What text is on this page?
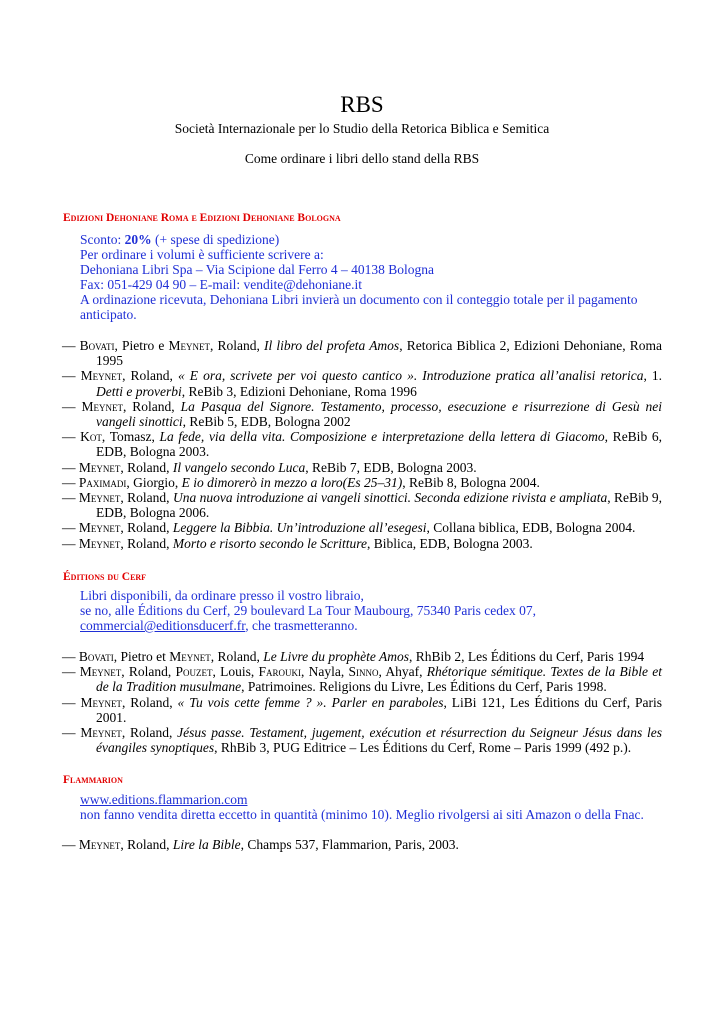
RBS
Società Internazionale per lo Studio della Retorica Biblica e Semitica
Come ordinare i libri dello stand della RBS
Edizioni Dehoniane Roma e Edizioni Dehoniane Bologna
Sconto: 20% (+ spese di spedizione)
Per ordinare i volumi è sufficiente scrivere a:
Dehoniana Libri Spa – Via Scipione dal Ferro 4 – 40138 Bologna
Fax: 051-429 04 90 – E-mail: vendite@dehoniane.it
A ordinazione ricevuta, Dehoniana Libri invierà un documento con il conteggio totale per il pagamento anticipato.
— Bovati, Pietro e Meynet, Roland, Il libro del profeta Amos, Retorica Biblica 2, Edizioni Dehoniane, Roma 1995
— Meynet, Roland, « E ora, scrivete per voi questo cantico ». Introduzione pratica all’analisi retorica, 1. Detti e proverbi, ReBib 3, Edizioni Dehoniane, Roma 1996
— Meynet, Roland, La Pasqua del Signore. Testamento, processo, esecuzione e risurrezione di Gesù nei vangeli sinottici, ReBib 5, EDB, Bologna 2002
— Kot, Tomasz, La fede, via della vita. Composizione e interpretazione della lettera di Giacomo, ReBib 6, EDB, Bologna 2003.
— Meynet, Roland, Il vangelo secondo Luca, ReBib 7, EDB, Bologna 2003.
— Paximadi, Giorgio, E io dimorerò in mezzo a loro(Es 25–31), ReBib 8, Bologna 2004.
— Meynet, Roland, Una nuova introduzione ai vangeli sinottici. Seconda edizione rivista e ampliata, ReBib 9, EDB, Bologna 2006.
— Meynet, Roland, Leggere la Bibbia. Un’introduzione all’esegesi, Collana biblica, EDB, Bologna 2004.
— Meynet, Roland, Morto e risorto secondo le Scritture, Biblica, EDB, Bologna 2003.
Éditions du Cerf
Libri disponibili, da ordinare presso il vostro libraio,
se no, alle Éditions du Cerf, 29 boulevard La Tour Maubourg, 75340 Paris cedex 07,
commercial@editionsducerf.fr, che trasmetteranno.
— Bovati, Pietro et Meynet, Roland, Le Livre du prophète Amos, RhBib 2, Les Éditions du Cerf, Paris 1994
— Meynet, Roland, Pouzet, Louis, Farouki, Nayla, Sinno, Ahyaf, Rhétorique sémitique. Textes de la Bible et de la Tradition musulmane, Patrimoines. Religions du Livre, Les Éditions du Cerf, Paris 1998.
— Meynet, Roland, « Tu vois cette femme ? ». Parler en paraboles, LiBi 121, Les Éditions du Cerf, Paris 2001.
— Meynet, Roland, Jésus passe. Testament, jugement, exécution et résurrection du Seigneur Jésus dans les évangiles synoptiques, RhBib 3, PUG Editrice – Les Éditions du Cerf, Rome – Paris 1999 (492 p.).
Flammarion
www.editions.flammarion.com
non fanno vendita diretta eccetto in quantità (minimo 10). Meglio rivolgersi ai siti Amazon o della Fnac.
— Meynet, Roland, Lire la Bible, Champs 537, Flammarion, Paris, 2003.
